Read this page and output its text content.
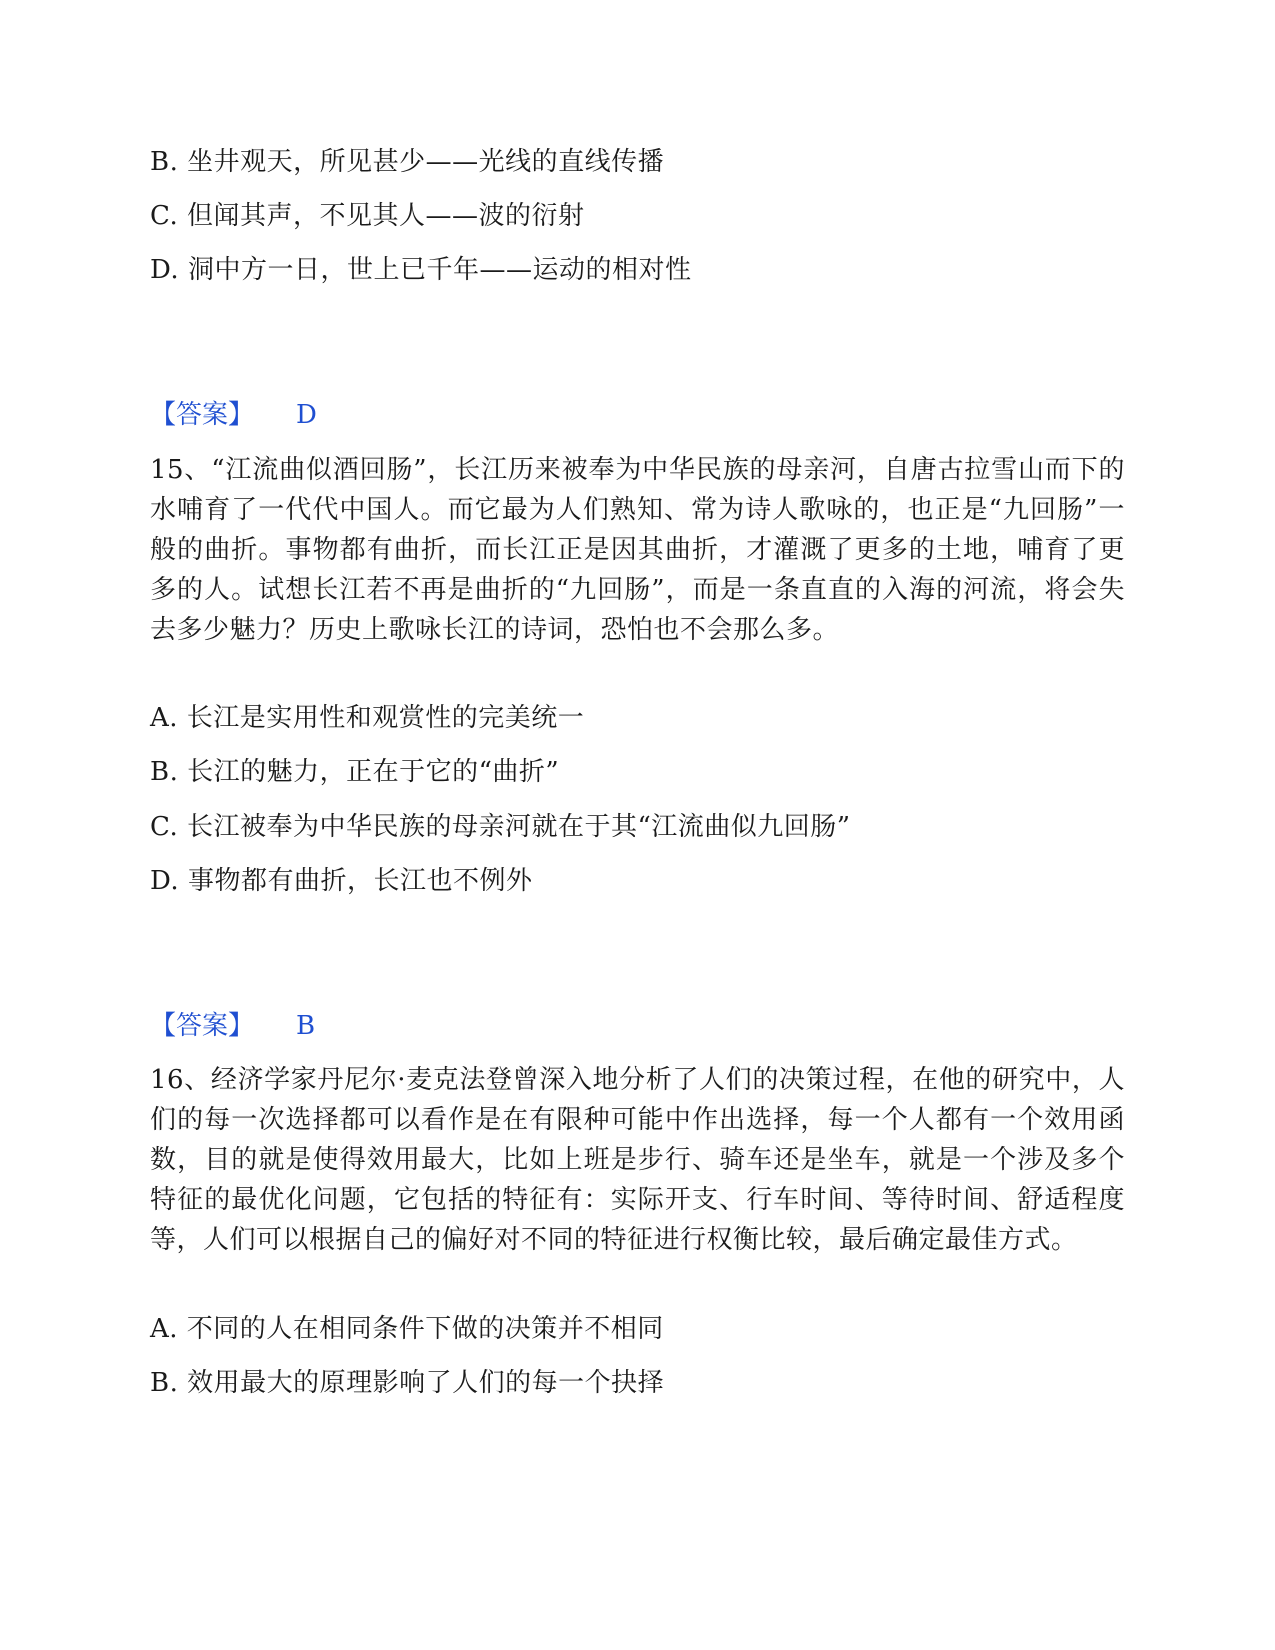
B. 坐井观天，所见甚少——光线的直线传播
C. 但闻其声，不见其人——波的衍射
D. 洞中方一日，世上已千年——运动的相对性
【答案】 D
15、“江流曲似酒回肠”，长江历来被奉为中华民族的母亲河，自唐古拉雪山而下的水哺育了一代代中国人。而它最为人们熟知、常为诗人歌咏的，也正是“九回肠”一般的曲折。事物都有曲折，而长江正是因其曲折，才灌溉了更多的土地，哺育了更多的人。试想长江若不再是曲折的“九回肠”，而是一条直直的入海的河流，将会失去多少魅力？历史上歌咏长江的诗词，恐怕也不会那么多。
A. 长江是实用性和观赏性的完美统一
B. 长江的魅力，正在于它的“曲折”
C. 长江被奉为中华民族的母亲河就在于其“江流曲似九回肠”
D. 事物都有曲折，长江也不例外
【答案】 B
16、经济学家丹尼尔·麦克法登曾深入地分析了人们的决策过程，在他的研究中，人们的每一次选择都可以看作是在有限种可能中作出选择，每一个人都有一个效用函数，目的就是使得效用最大，比如上班是步行、骑车还是坐车，就是一个涉及多个特征的最优化问题，它包括的特征有：实际开支、行车时间、等待时间、舒适程度等，人们可以根据自己的偏好对不同的特征进行权衡比较，最后确定最佳方式。
A. 不同的人在相同条件下做的决策并不相同
B. 效用最大的原理影响了人们的每一个抉择
